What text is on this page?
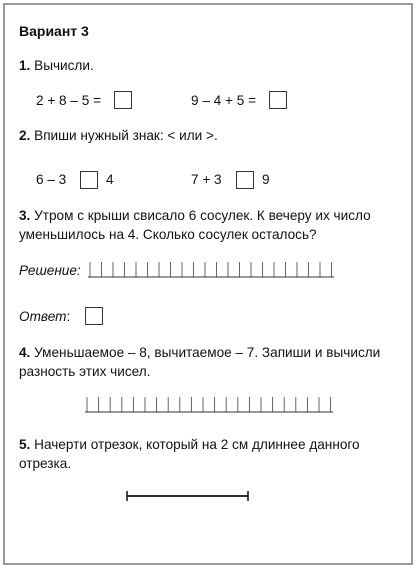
Вариант 3
1. Вычисли.
2 + 8 – 5 =	9 – 4 + 5 =
2. Впиши нужный знак: < или >.
6 – 3	4	7 + 3	9
3. Утром с крыши свисало 6 сосулек. К вечеру их число уменьшилось на 4. Сколько сосулек осталось?
Решение:
Ответ:
4. Уменьшаемое – 8, вычитаемое – 7. Запиши и вычисли разность этих чисел.
5. Начерти отрезок, который на 2 см длиннее данного отрезка.
